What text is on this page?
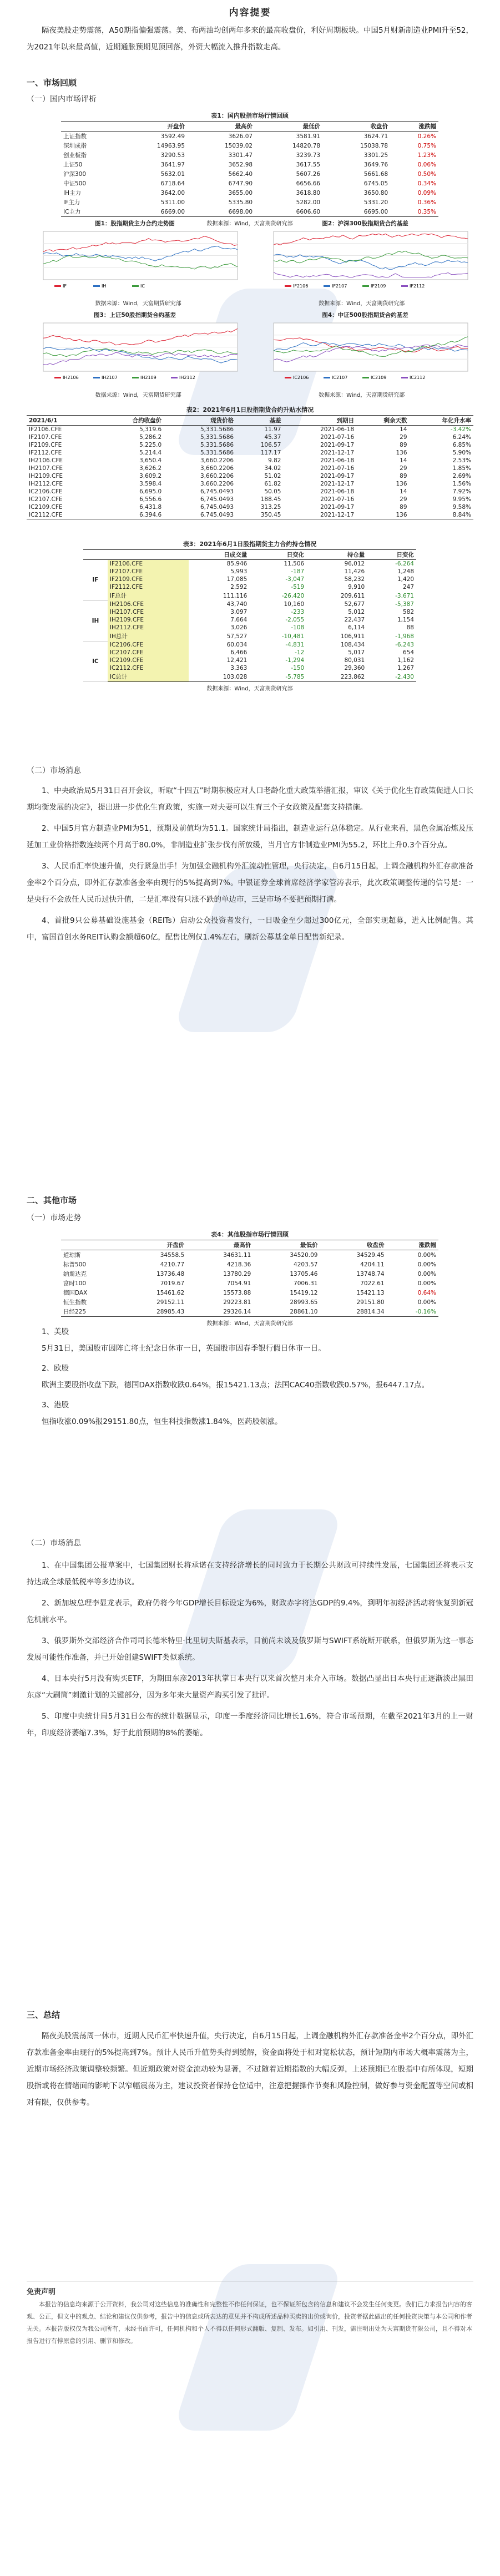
内容提要

隔夜美股走势震荡，A50期指偏强震荡。美、布两油均创两年多来的最高收盘价，利好周期板块。中国5月财新制造业PMI升至52，为2021年以来最高值，近期通胀预期见顶回落，外资大幅流入推升指数走高。

一、市场回顾
（一）国内市场评析
表1：国内股指市场行情回顾
	开盘价	最高价	最低价	收盘价	涨跌幅
上证指数	3592.49	3626.07	3581.91	3624.71	0.26%
深圳成指	14963.95	15039.02	14820.78	15038.78	0.75%
创业板指	3290.53	3301.47	3239.73	3301.25	1.23%
上证50	3641.97	3652.98	3617.55	3649.76	0.06%
沪深300	5632.01	5662.40	5607.26	5661.68	0.50%
中证500	6718.64	6747.90	6656.66	6745.05	0.34%
IH主力	3642.00	3655.00	3618.80	3650.80	0.09%
IF主力	5311.00	5335.80	5282.00	5331.20	0.36%
IC主力	6669.00	6698.00	6606.60	6695.00	0.35%
数据来源：Wind，天富期货研究部
图1：股指期货主力合约走势图
IF	IH	IC
图2：沪深300股指期货合约基差
IF2106	IF2107	IF2109	IF2112
数据来源：Wind，天富期货研究部	数据来源：Wind，天富期货研究部
图3：上证50股指期货合约基差
IH2106	IH2107	IH2109	IH2112
图4：中证500股指期货合约基差
IC2106	IC2107	IC2109	IC2112
数据来源：Wind，天富期货研究部	数据来源：Wind，天富期货研究部
表2：2021年6月1日股指期货合约升贴水情况
2021/6/1	合约收盘价	现货价格	基差	到期日	剩余天数	年化升水率
IF2106.CFE	5,319.6	5,331.5686	11.97	2021-06-18	14	-3.42%
IF2107.CFE	5,286.2	5,331.5686	45.37	2021-07-16	29	6.24%
IF2109.CFE	5,225.0	5,331.5686	106.57	2021-09-17	89	6.85%
IF2112.CFE	5,214.4	5,331.5686	117.17	2021-12-17	136	5.90%
IH2106.CFE	3,650.4	3,660.2206	9.82	2021-06-18	14	2.53%
IH2107.CFE	3,626.2	3,660.2206	34.02	2021-07-16	29	1.85%
IH2109.CFE	3,609.2	3,660.2206	51.02	2021-09-17	89	2.69%
IH2112.CFE	3,598.4	3,660.2206	61.82	2021-12-17	136	1.56%
IC2106.CFE	6,695.0	6,745.0493	50.05	2021-06-18	14	7.92%
IC2107.CFE	6,556.6	6,745.0493	188.45	2021-07-16	29	9.95%
IC2109.CFE	6,431.8	6,745.0493	313.25	2021-09-17	89	9.58%
IC2112.CFE	6,394.6	6,745.0493	350.45	2021-12-17	136	8.84%
表3：2021年6月1日股指期货主力合约持仓情况
		日成交量	日变化	持仓量	日变化
IF	IF2106.CFE	85,946	11,506	96,012	-6,264
	IF2107.CFE	5,993	-187	11,426	1,248
	IF2109.CFE	17,085	-3,047	58,232	1,420
	IF2112.CFE	2,592	-519	9,910	247
	IF总计	111,116	-26,420	209,611	-3,671
IH	IH2106.CFE	43,740	10,160	52,677	-5,387
	IH2107.CFE	3,097	-233	5,012	582
	IH2109.CFE	7,664	-2,055	22,437	1,154
	IH2112.CFE	3,026	-108	6,114	88
	IH总计	57,527	-10,481	106,911	-1,968
IC	IC2106.CFE	60,034	-4,831	108,434	-6,243
	IC2107.CFE	6,466	-12	5,017	654
	IC2109.CFE	12,421	-1,294	80,031	1,162
	IC2112.CFE	3,363	-150	29,360	1,267
	IC总计	103,028	-5,785	223,862	-2,430
数据来源：Wind，天富期货研究部
（二）市场消息

1、中央政治局5月31日召开会议，听取“十四五”时期积极应对人口老龄化重大政策举措汇报，审议《关于优化生育政策促进人口长期均衡发展的决定》，提出进一步优化生育政策，实施一对夫妻可以生育三个子女政策及配套支持措施。

2、中国5月官方制造业PMI为51，预期及前值均为51.1。国家统计局指出，制造业运行总体稳定。从行业来看，黑色金属冶炼及压延加工业价格指数连续两个月高于80.0%，非制造业扩张步伐有所放缓，当月官方非制造业PMI为55.2，环比上升0.3个百分点。

3、人民币汇率快速升值，央行紧急出手！为加强金融机构外汇流动性管理，央行决定，自6月15日起，上调金融机构外汇存款准备金率2个百分点，即外汇存款准备金率由现行的5%提高到7%。中银证券全球首席经济学家管涛表示，此次政策调整传递的信号是：一是央行不会放任人民币过快升值，二是汇率没有只涨不跌的单边市，三是市场不要把预期打满。

4、首批9只公募基础设施基金（REITs）启动公众投资者发行，一日吸金至少超过300亿元，全部实现超募，进入比例配售。其中，富国首创水务REIT认购金额超60亿，配售比例仅1.4%左右，刷新公募基金单日配售新纪录。

二、其他市场
（一）市场走势
表4：其他股指市场行情回顾
	开盘价	最高价	最低价	收盘价	涨跌幅
道琼斯	34558.5	34631.11	34520.09	34529.45	0.00%
标普500	4210.77	4218.36	4203.57	4204.11	0.00%
纳斯达克	13736.48	13780.29	13705.46	13748.74	0.00%
富时100	7019.67	7054.91	7006.31	7022.61	0.00%
德国DAX	15461.62	15573.88	15419.12	15421.13	0.64%
恒生指数	29152.11	29223.81	28993.65	29151.80	0.00%
日经225	28985.43	29326.14	28861.10	28814.34	-0.16%
数据来源：Wind，天富期货研究部

1、美股

5月31日，美国股市因阵亡将士纪念日休市一日，英国股市因春季银行假日休市一日。

2、欧股

欧洲主要股指收盘下跌，德国DAX指数收跌0.64%，报15421.13点；法国CAC40指数收跌0.57%，报6447.17点。

3、港股

恒指收涨0.09%报29151.80点，恒生科技指数涨1.84%，医药股领涨。

（二）市场消息

1、在中国集团公报草案中，七国集团财长将承诺在支持经济增长的同时致力于长期公共财政可持续性发展，七国集团还将表示支持达成全球最低税率等多边协议。

2、新加坡总理李显龙表示，政府仍将今年GDP增长目标设定为6%，财政赤字将达GDP的9.4%，到明年初经济活动将恢复到新冠危机前水平。

3、俄罗斯外交部经济合作司司长德米特里·比里切夫斯基表示，目前尚未谈及俄罗斯与SWIFT系统断开联系，但俄罗斯为这一事态发展可能性作准备，并已开始创建SWIFT类似系统。

4、日本央行5月没有购买ETF，为期田东彦2013年执掌日本央行以来首次整月未介入市场。数据凸显出日本央行正逐渐淡出黑田东彦“大刷筒”刺激计划的关键部分，因为多年来大量资产购买引发了批评。

5、印度中央统计局5月31日公布的统计数据显示，印度一季度经济同比增长1.6%，符合市场预期，在截至2021年3月的上一财年，印度经济萎缩7.3%，好于此前预期的8%的萎缩。

三、总结

隔夜美股震荡周一休市，近期人民币汇率快速升值，央行决定，自6月15日起，上调金融机构外汇存款准备金率2个百分点，即外汇存款准备金率由现行的5%提高到7%。预计人民币升值势头得到缓解，资金面将处于相对宽松状态，预计短期内市场大概率震荡为主，近期市场经济政策调整较频繁。但近期政策对资金流动较为显著，不过随着近期指数的大幅反弹，上述预期已在股指中有所体现，短期股指或将在情绪面的影响下以窄幅震荡为主，建议投资者保持仓位适中，注意把握操作节奏和风险控制，做好参与资金配置等空间或相对有限，仅供参考。

免责声明
本报告的信息均来源于公开资料，我公司对这些信息的准确性和完整性不作任何保证，也不保证所包含的信息和建议不会发生任何变更。我们已力求报告内容的客观、公正，但文中的观点、结论和建议仅供参考，报告中的信息或所表达的意见并不构成所述品种买卖的出价或询价，投资者据此做出的任何投资决策与本公司和作者无关。本报告版权仅为我公司所有，未经书面许可，任何机构和个人不得以任何形式翻版、复制、发布。如引用、刊发，需注明出处为天富期货有限公司，且不得对本报告进行有悖原意的引用、删节和修改。
